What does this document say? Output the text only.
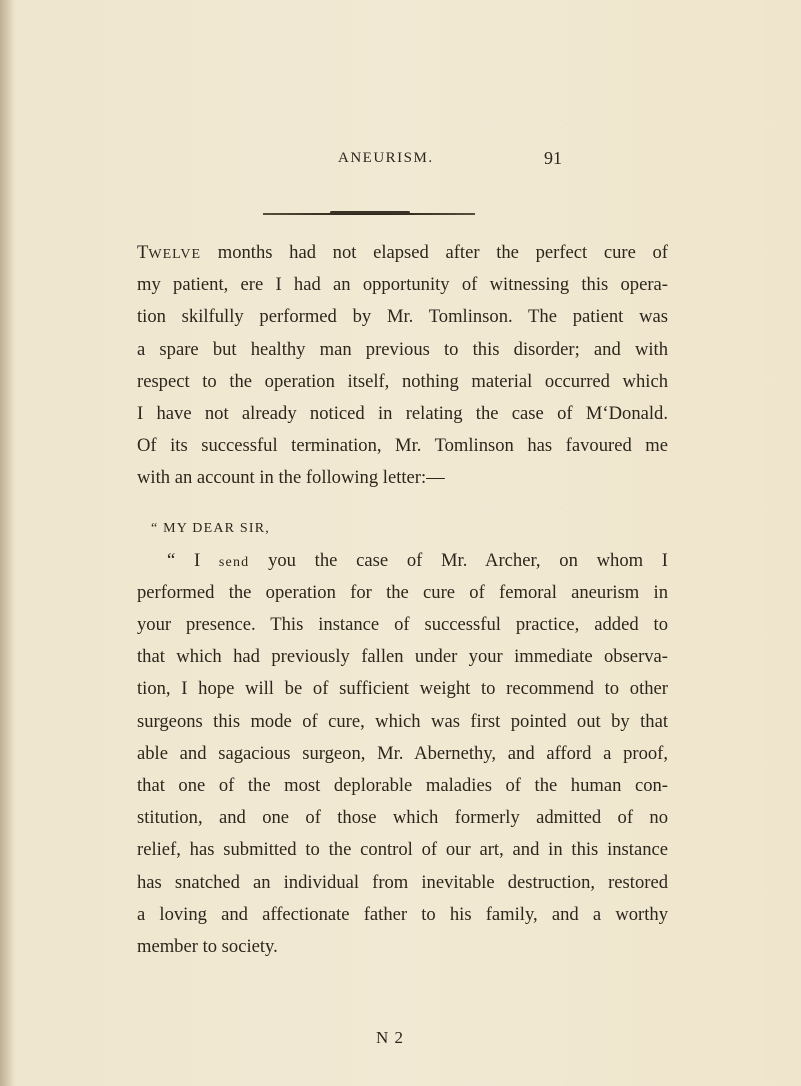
ANEURISM.	91
TWELVE months had not elapsed after the perfect cure of
my patient, ere I had an opportunity of witnessing this opera-
tion skilfully performed by Mr. Tomlinson. The patient was
a spare but healthy man previous to this disorder; and with
respect to the operation itself, nothing material occurred which
I have not already noticed in relating the case of M‘Donald.
Of its successful termination, Mr. Tomlinson has favoured me
with an account in the following letter:—
“ MY DEAR SIR,
“ I send you the case of Mr. Archer, on whom I
performed the operation for the cure of femoral aneurism in
your presence. This instance of successful practice, added to
that which had previously fallen under your immediate observa-
tion, I hope will be of sufficient weight to recommend to other
surgeons this mode of cure, which was first pointed out by that
able and sagacious surgeon, Mr. Abernethy, and afford a proof,
that one of the most deplorable maladies of the human con-
stitution, and one of those which formerly admitted of no
relief, has submitted to the control of our art, and in this instance
has snatched an individual from inevitable destruction, restored
a loving and affectionate father to his family, and a worthy
member to society.
N 2
